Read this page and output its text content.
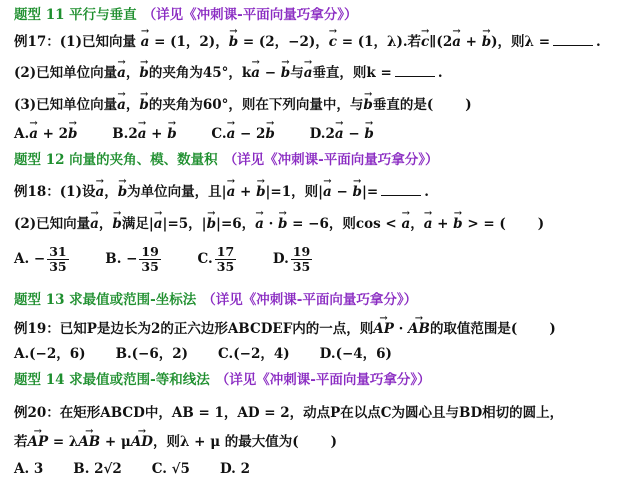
题型 11 平行与垂直 （详见《冲刺课-平面向量巧拿分》）
例17：(1)已知向量 → a = (1，2)，→ b = (2，−2)，→ c = (1，λ).若→ c∥(2→ a + → b)，则λ =	.
(2)已知单位向量→ a，→ b的夹角为45°，k→ a − → b与→ a垂直，则k =	.
(3)已知单位向量→ a，→ b的夹角为60°，则在下列向量中，与→ b垂直的是( )
A.→ a + 2→ b	B.2→ a + → b	C.→ a − 2→ b	D.2→ a − → b
题型 12 向量的夹角、模、数量积 （详见《冲刺课-平面向量巧拿分》）
例18：(1)设→ a，→ b为单位向量，且|→ a + → b|=1，则|→ a − → b|=	.
(2)已知向量→ a，→ b满足|→ a|=5，|→ b|=6，→ a · → b = −6，则cos < → a，→ a + → b > = ( )
A. − $\frac{31}{35}$	B. − $\frac{19}{35}$	C. $\frac{17}{35}$	D. $\frac{19}{35}$
题型 13 求最值或范围-坐标法 （详见《冲刺课-平面向量巧拿分》）
例19：已知P是边长为2的正六边形ABCDEF内的一点，则→ AP · → AB的取值范围是( )
A.(−2，6) B.(−6，2) C.(−2，4) D.(−4，6)
题型 14 求最值或范围-等和线法 （详见《冲刺课-平面向量巧拿分》）
例20：在矩形ABCD中，AB = 1，AD = 2，动点P在以点C为圆心且与BD相切的圆上，
若→ AP = λ→ AB + μ→ AD，则λ + μ 的最大值为( )
A. 3 B. 2√2 C. √5 D. 2
